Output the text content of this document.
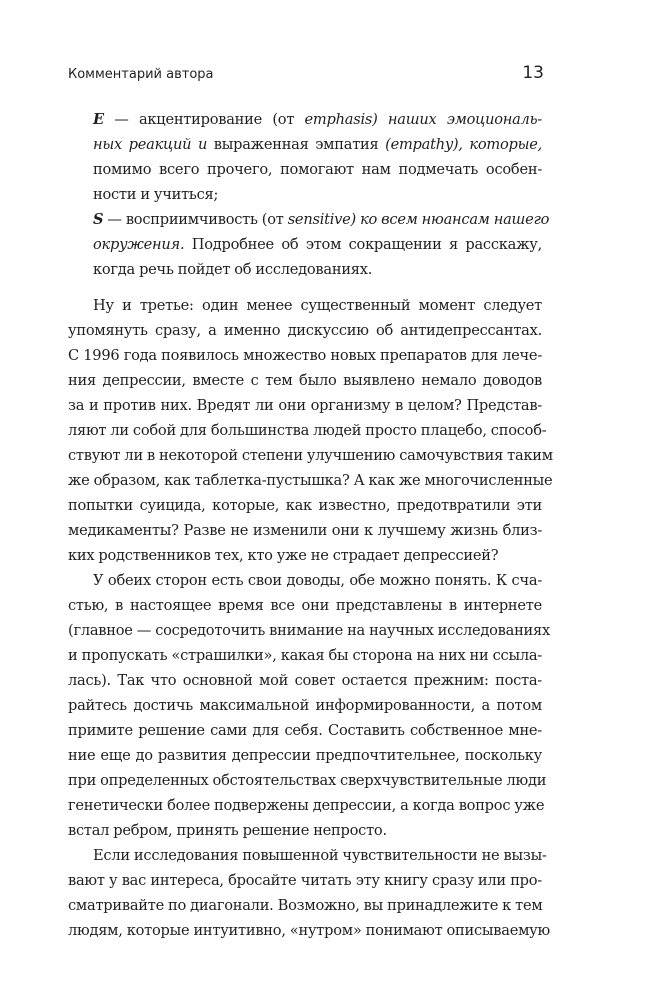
Комментарий автора	13
E — акцентирование (от emphasis) наших эмоциональ-
ных реакций и выраженная эмпатия (empathy), которые,
помимо всего прочего, помогают нам подмечать особен-
ности и учиться;
S — восприимчивость (от sensitive) ко всем нюансам нашего
окружения. Подробнее об этом сокращении я расскажу,
когда речь пойдет об исследованиях.
Ну и третье: один менее существенный момент следует
упомянуть сразу, а именно дискуссию об антидепрессантах.
С 1996 года появилось множество новых препаратов для лече-
ния депрессии, вместе с тем было выявлено немало доводов
за и против них. Вредят ли они организму в целом? Представ-
ляют ли собой для большинства людей просто плацебо, способ-
ствуют ли в некоторой степени улучшению самочувствия таким
же образом, как таблетка-пустышка? А как же многочисленные
попытки суицида, которые, как известно, предотвратили эти
медикаменты? Разве не изменили они к лучшему жизнь близ-
ких родственников тех, кто уже не страдает депрессией?
У обеих сторон есть свои доводы, обе можно понять. К сча-
стью, в настоящее время все они представлены в интернете
(главное — сосредоточить внимание на научных исследованиях
и пропускать «страшилки», какая бы сторона на них ни ссыла-
лась). Так что основной мой совет остается прежним: поста-
райтесь достичь максимальной информированности, а потом
примите решение сами для себя. Составить собственное мне-
ние еще до развития депрессии предпочтительнее, поскольку
при определенных обстоятельствах сверхчувствительные люди
генетически более подвержены депрессии, а когда вопрос уже
встал ребром, принять решение непросто.
Если исследования повышенной чувствительности не вызы-
вают у вас интереса, бросайте читать эту книгу сразу или про-
сматривайте по диагонали. Возможно, вы принадлежите к тем
людям, которые интуитивно, «нутром» понимают описываемую
